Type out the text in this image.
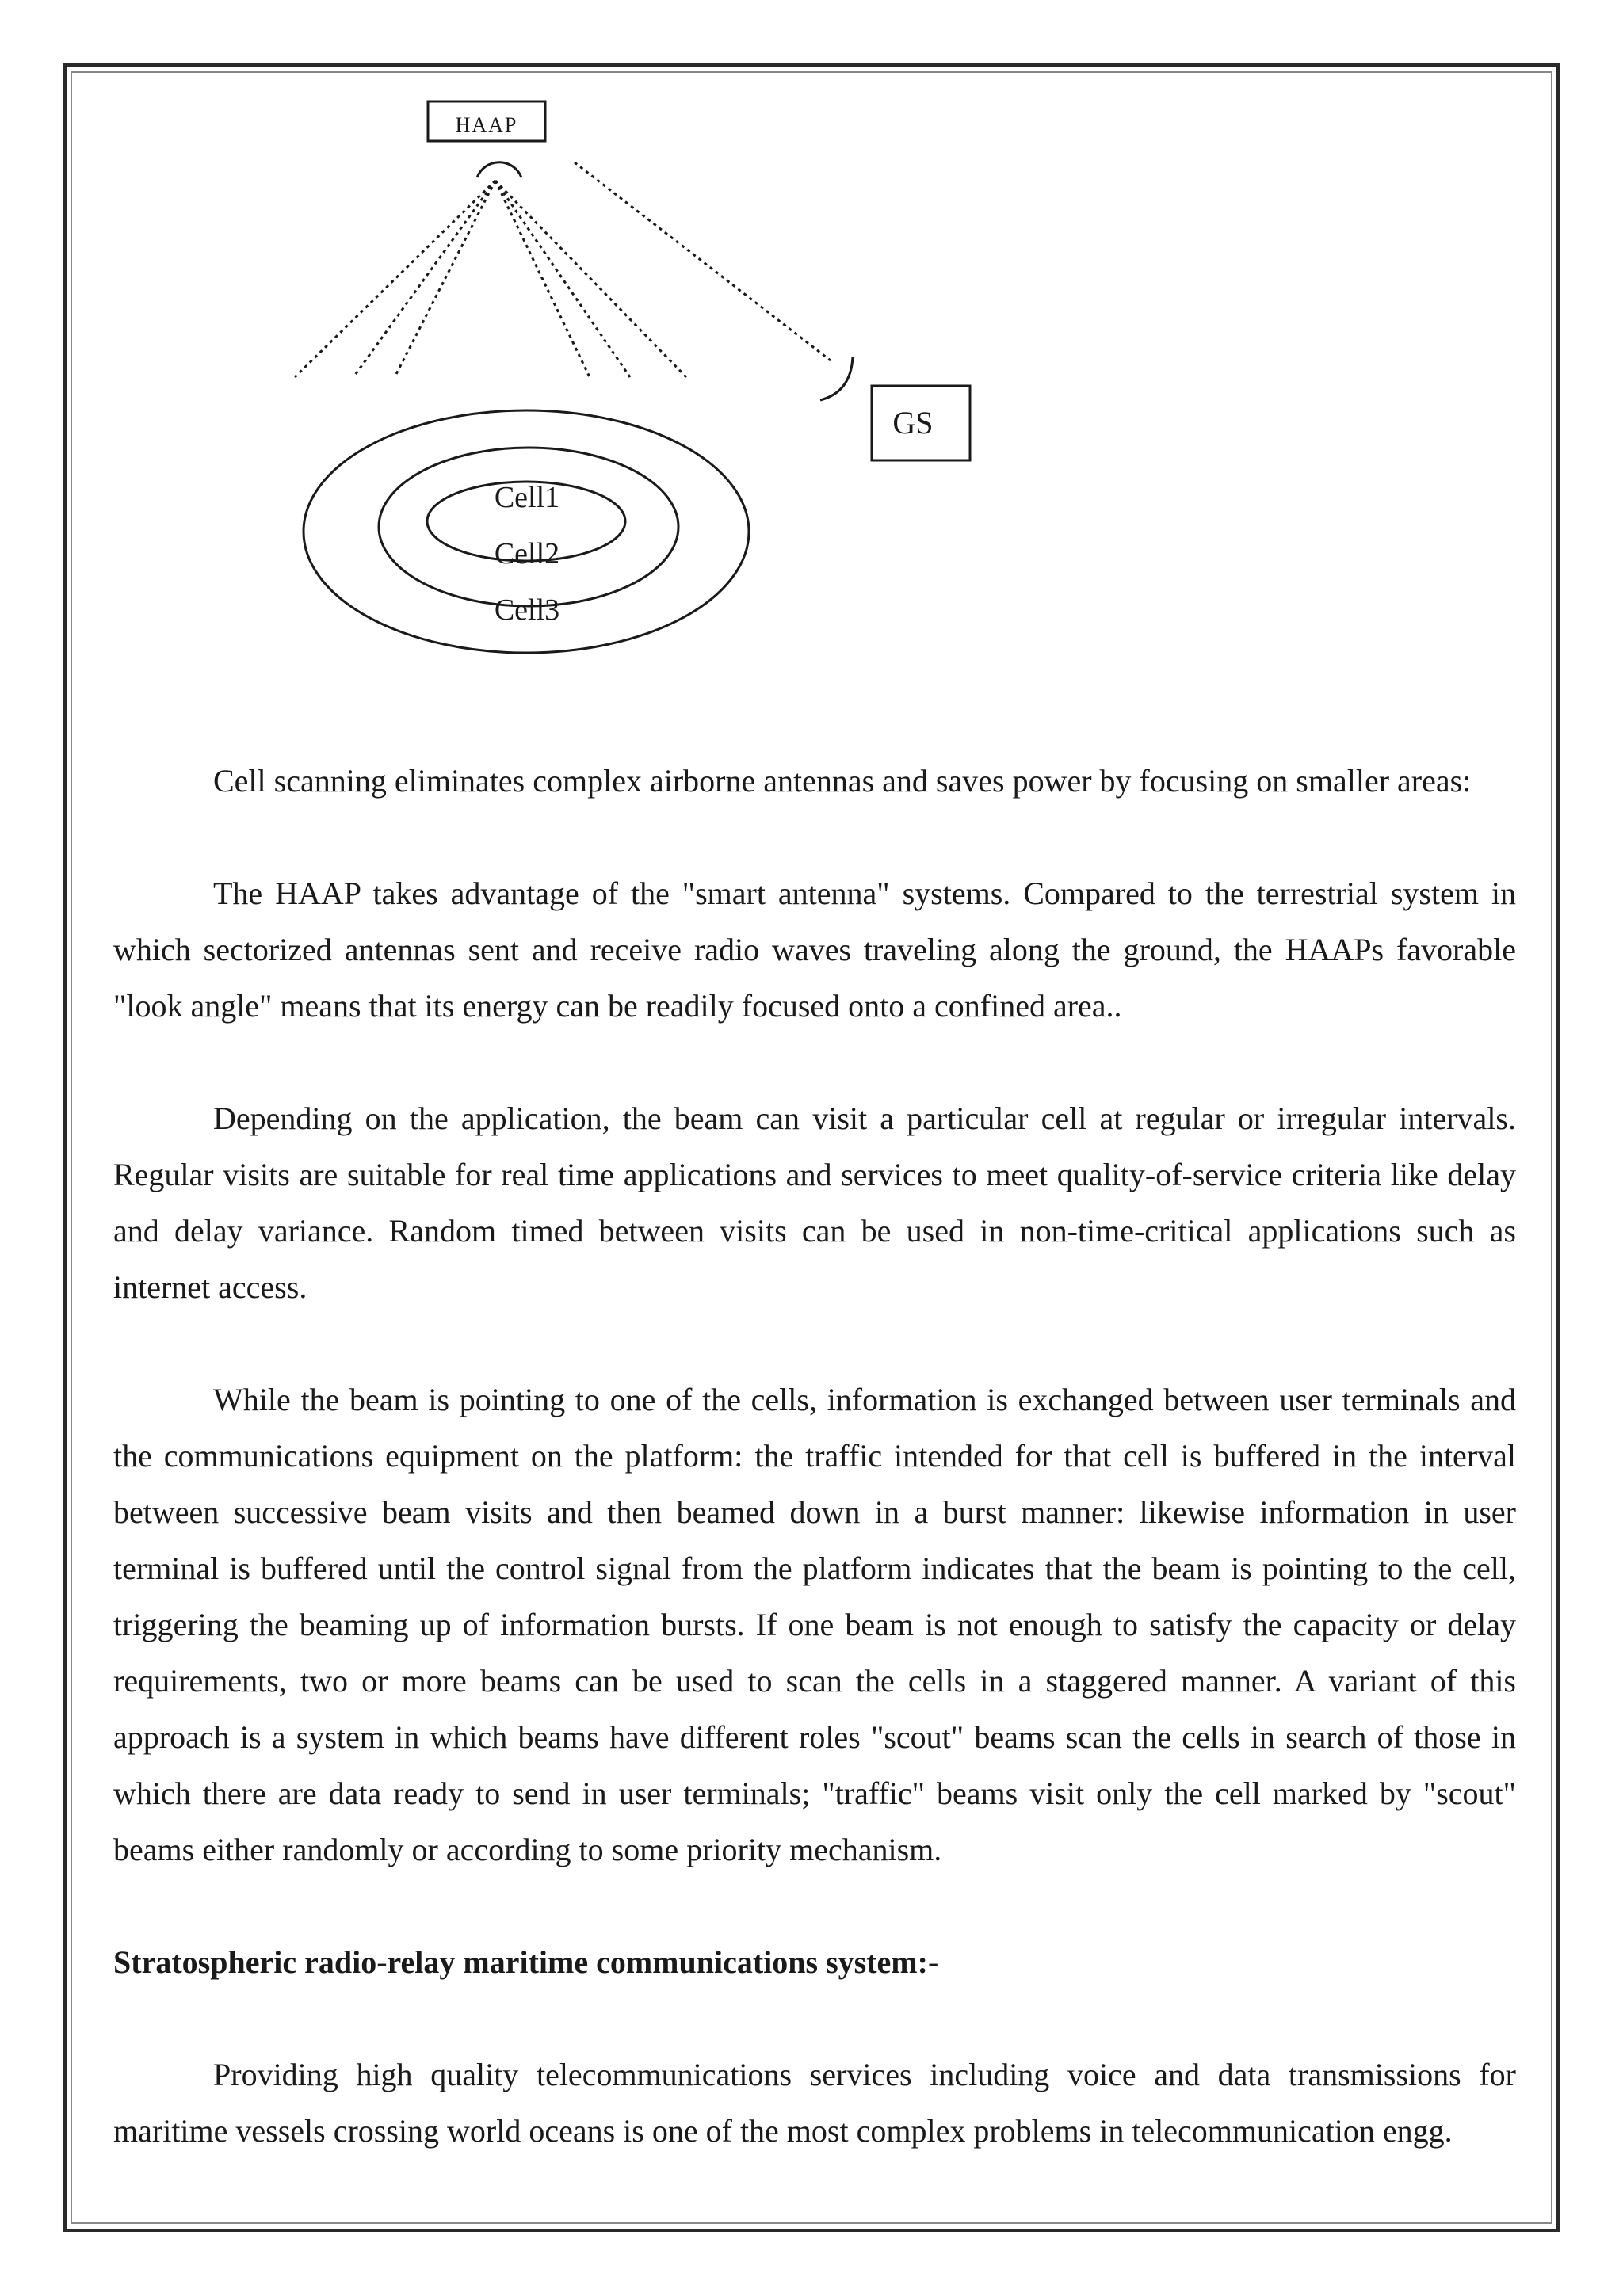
HAAP
GS
Cell1
Cell2
Cell3

Cell scanning eliminates complex airborne antennas and saves power by focusing on smaller areas:

The HAAP takes advantage of the "smart antenna" systems. Compared to the terrestrial system in which sectorized antennas sent and receive radio waves traveling along the ground, the HAAPs favorable "look angle" means that its energy can be readily focused onto a confined area..

Depending on the application, the beam can visit a particular cell at regular or irregular intervals. Regular visits are suitable for real time applications and services to meet quality-of-service criteria like delay and delay variance. Random timed between visits can be used in non-time-critical applications such as internet access.

While the beam is pointing to one of the cells, information is exchanged between user terminals and the communications equipment on the platform: the traffic intended for that cell is buffered in the interval between successive beam visits and then beamed down in a burst manner: likewise information in user terminal is buffered until the control signal from the platform indicates that the beam is pointing to the cell, triggering the beaming up of information bursts. If one beam is not enough to satisfy the capacity or delay requirements, two or more beams can be used to scan the cells in a staggered manner. A variant of this approach is a system in which beams have different roles "scout" beams scan the cells in search of those in which there are data ready to send in user terminals; "traffic" beams visit only the cell marked by "scout" beams either randomly or according to some priority mechanism.

Stratospheric radio-relay maritime communications system:-

Providing high quality telecommunications services including voice and data transmissions for maritime vessels crossing world oceans is one of the most complex problems in telecommunication engg.
